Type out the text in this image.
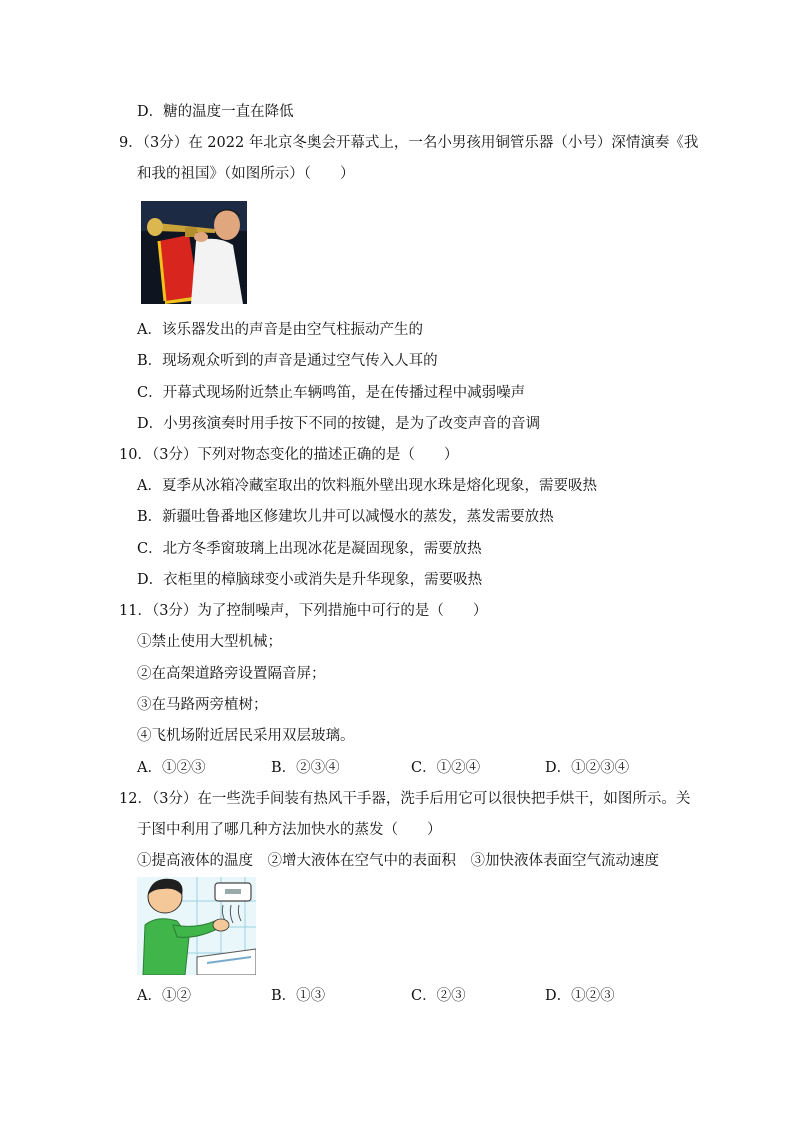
D．糖的温度一直在降低
9．（3分）在 2022 年北京冬奥会开幕式上，一名小男孩用铜管乐器（小号）深情演奏《我
和我的祖国》（如图所示）（　　）
A．该乐器发出的声音是由空气柱振动产生的
B．现场观众听到的声音是通过空气传入人耳的
C．开幕式现场附近禁止车辆鸣笛，是在传播过程中减弱噪声
D．小男孩演奏时用手按下不同的按键，是为了改变声音的音调
10．（3分）下列对物态变化的描述正确的是（　　）
A．夏季从冰箱冷藏室取出的饮料瓶外壁出现水珠是熔化现象，需要吸热
B．新疆吐鲁番地区修建坎儿井可以减慢水的蒸发，蒸发需要放热
C．北方冬季窗玻璃上出现冰花是凝固现象，需要放热
D．衣柜里的樟脑球变小或消失是升华现象，需要吸热
11．（3分）为了控制噪声，下列措施中可行的是（　　）
①禁止使用大型机械；
②在高架道路旁设置隔音屏；
③在马路两旁植树；
④飞机场附近居民采用双层玻璃。
A．①②③	B．②③④	C．①②④	D．①②③④
12．（3分）在一些洗手间装有热风干手器，洗手后用它可以很快把手烘干，如图所示。关
于图中利用了哪几种方法加快水的蒸发（　　）
①提高液体的温度　②增大液体在空气中的表面积　③加快液体表面空气流动速度
A．①②	B．①③	C．②③	D．①②③
